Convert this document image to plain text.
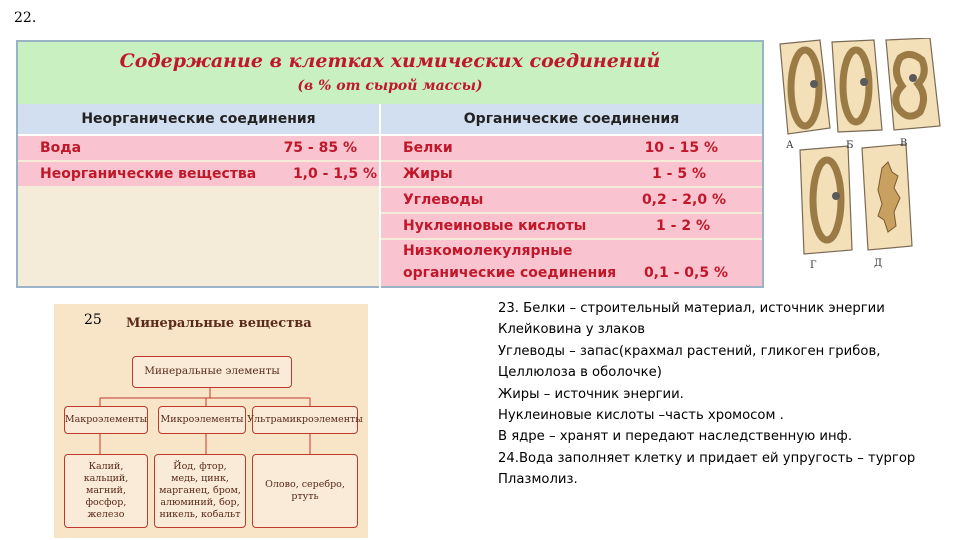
22.
Содержание в клетках химических соединений
(в % от сырой массы)
Неорганические соединения	Органические соединения
Вода	75 - 85 %
Неорганические вещества	1,0 - 1,5 %
Белки	10 - 15 %
Жиры	1 - 5 %
Углеводы	0,2 - 2,0 %
Нуклеиновые кислоты	1 - 2 %
Низкомолекулярные
органические соединения 0,1 - 0,5 %
А	Б	В
Г	Д
25 Минеральные вещества
Минеральные элементы
Макроэлементы Микроэлементы Ультрамикроэлементы
Калий, кальций, магний, фосфор, железо
Йод, фтор, медь, цинк, марганец, бром, алюминий, бор, никель, кобальт
Олово, серебро, ртуть
23. Белки – строительный материал, источник энергии
Клейковина у злаков
Углеводы – запас(крахмал растений, гликоген грибов,
Целлюлоза в оболочке)
Жиры – источник энергии.
Нуклеиновые кислоты –часть хромосом .
В ядре – хранят и передают наследственную инф.
24.Вода заполняет клетку и придает ей упругость – тургор
Плазмолиз.
